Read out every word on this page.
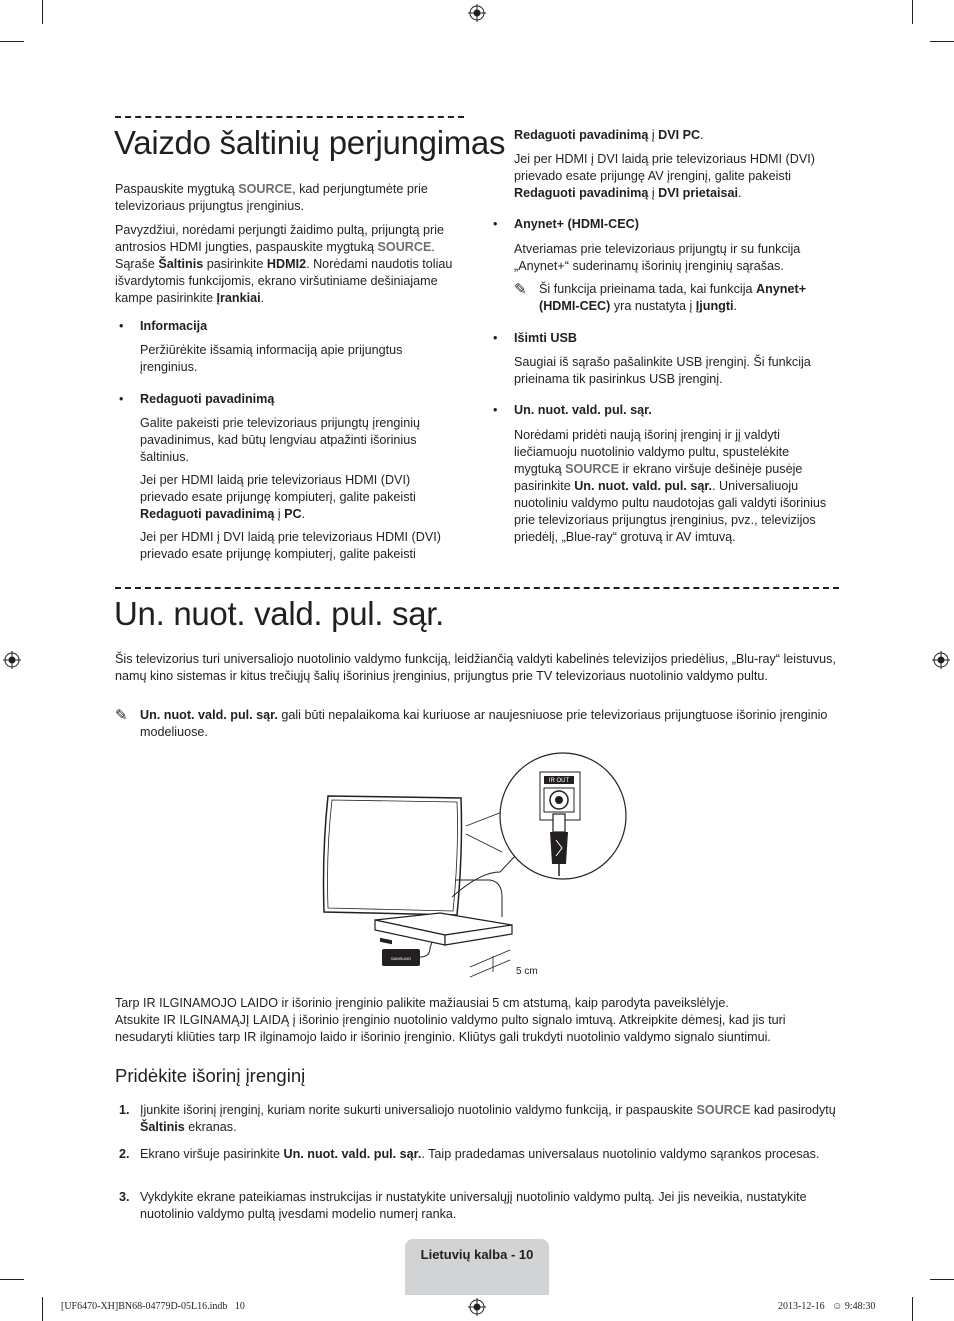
Vaizdo šaltinių perjungimas

Paspauskite mygtuką SOURCE, kad perjungtumėte prie televizoriaus prijungtus įrenginius.

Pavyzdžiui, norėdami perjungti žaidimo pultą, prijungtą prie antrosios HDMI jungties, paspauskite mygtuką SOURCE. Sąraše Šaltinis pasirinkite HDMI2. Norėdami naudotis toliau išvardytomis funkcijomis, ekrano viršutiniame dešiniajame kampe pasirinkite Įrankiai.

•	Informacija

Peržiūrėkite išsamią informaciją apie prijungtus įrenginius.

•	Redaguoti pavadinimą

Galite pakeisti prie televizoriaus prijungtų įrenginių pavadinimus, kad būtų lengviau atpažinti išorinius šaltinius.

Jei per HDMI laidą prie televizoriaus HDMI (DVI) prievado esate prijungę kompiuterį, galite pakeisti Redaguoti pavadinimą į PC.

Jei per HDMI į DVI laidą prie televizoriaus HDMI (DVI) prievado esate prijungę kompiuterį, galite pakeisti

Redaguoti pavadinimą į DVI PC.

Jei per HDMI į DVI laidą prie televizoriaus HDMI (DVI) prievado esate prijungę AV įrenginį, galite pakeisti Redaguoti pavadinimą į DVI prietaisai.

•	Anynet+ (HDMI-CEC)

Atveriamas prie televizoriaus prijungtų ir su funkcija „Anynet+“ suderinamų išorinių įrenginių sąrašas.

✎ Ši funkcija prieinama tada, kai funkcija Anynet+ (HDMI-CEC) yra nustatyta į Įjungti.

•	Išimti USB

Saugiai iš sąrašo pašalinkite USB įrenginį. Ši funkcija prieinama tik pasirinkus USB įrenginį.

•	Un. nuot. vald. pul. sąr.

Norėdami pridėti naują išorinį įrenginį ir jį valdyti liečiamuoju nuotolinio valdymo pultu, spustelėkite mygtuką SOURCE ir ekrano viršuje dešinėje pusėje pasirinkite Un. nuot. vald. pul. sąr.. Universaliuoju nuotoliniu valdymo pultu naudotojas gali valdyti išorinius prie televizoriaus prijungtus įrenginius, pvz., televizijos priedėlį, „Blue-ray“ grotuvą ir AV imtuvą.

Un. nuot. vald. pul. sąr.

Šis televizorius turi universaliojo nuotolinio valdymo funkciją, leidžiančią valdyti kabelinės televizijos priedėlius, „Blu-ray“ leistuvus, namų kino sistemas ir kitus trečiųjų šalių išorinius įrenginius, prijungtus prie TV televizoriaus nuotolinio valdymo pultu.

✎ Un. nuot. vald. pul. sąr. gali būti nepalaikoma kai kuriuose ar naujesniuose prie televizoriaus prijungtuose išorinio įrenginio modeliuose.

SAMSUNG
5 cm
IR OUT

Tarp IR ILGINAMOJO LAIDO ir išorinio įrenginio palikite mažiausiai 5 cm atstumą, kaip parodyta paveikslėlyje.

Atsukite IR ILGINAMĄJĮ LAIDĄ į išorinio įrenginio nuotolinio valdymo pulto signalo imtuvą. Atkreipkite dėmesį, kad jis turi nesudaryti kliūties tarp IR ilginamojo laido ir išorinio įrenginio. Kliūtys gali trukdyti nuotolinio valdymo signalo siuntimui.

Pridėkite išorinį įrenginį
1. Įjunkite išorinį įrenginį, kuriam norite sukurti universaliojo nuotolinio valdymo funkciją, ir paspauskite SOURCE kad pasirodytų Šaltinis ekranas.

2. Ekrano viršuje pasirinkite Un. nuot. vald. pul. sąr.. Taip pradedamas universalaus nuotolinio valdymo sąrankos procesas.

3. Vykdykite ekrane pateikiamas instrukcijas ir nustatykite universalųjį nuotolinio valdymo pultą. Jei jis neveikia, nustatykite nuotolinio valdymo pultą įvesdami modelio numerį ranka.

Lietuvių kalba - 10
[UF6470-XH]BN68-04779D-05L16.indb   10	2013-12-16   ☺ 9:48:30
